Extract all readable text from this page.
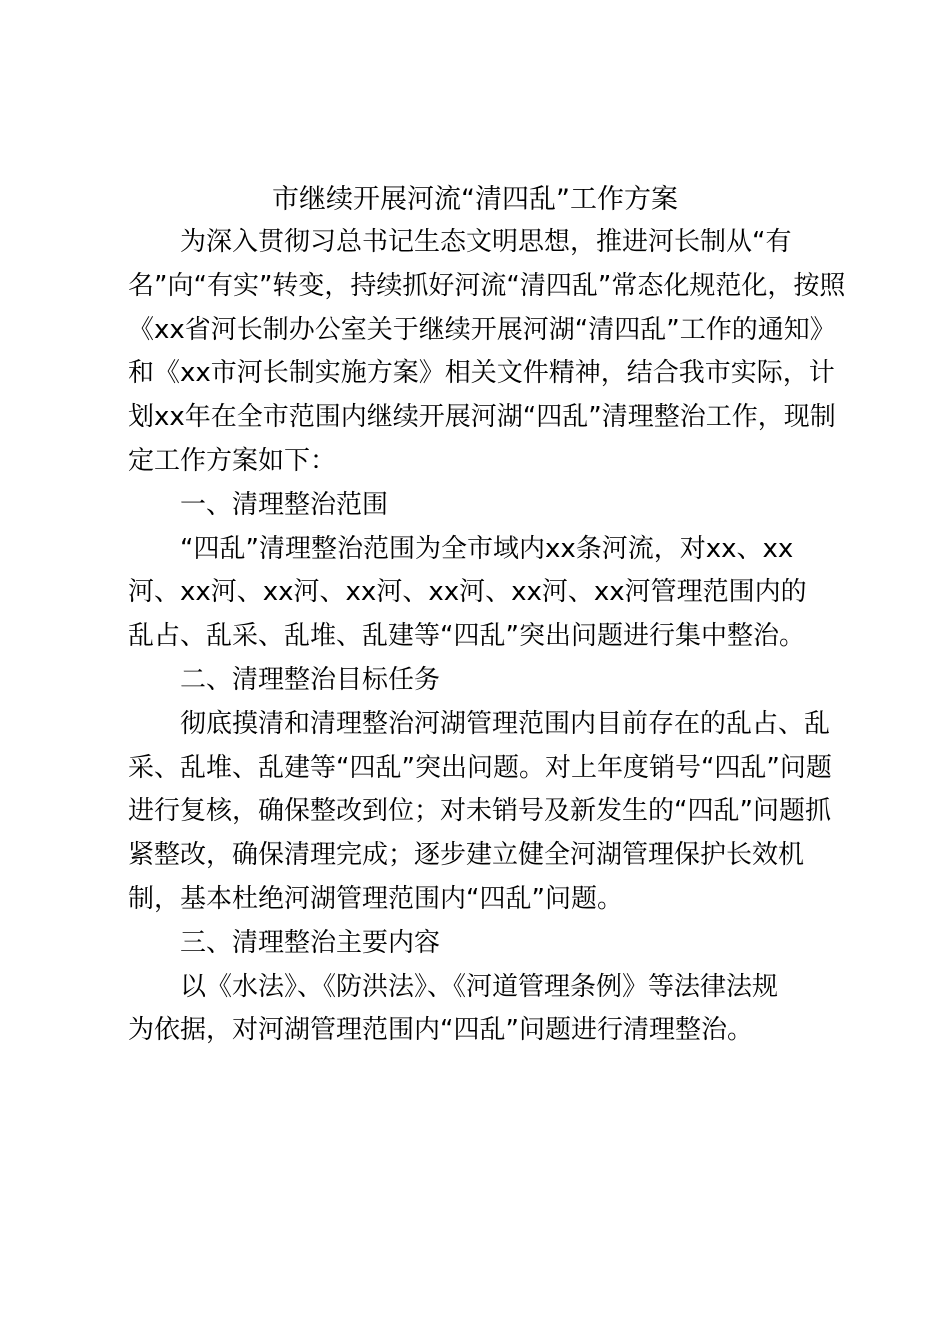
市继续开展河流“清四乱”工作方案
为深入贯彻习总书记生态文明思想，推进河长制从“有
名”向“有实”转变，持续抓好河流“清四乱”常态化规范化，按照
《xx省河长制办公室关于继续开展河湖“清四乱”工作的通知》
和《xx市河长制实施方案》相关文件精神，结合我市实际，计
划xx年在全市范围内继续开展河湖“四乱”清理整治工作，现制
定工作方案如下：
一、清理整治范围
“四乱”清理整治范围为全市域内xx条河流，对xx、xx
河、xx河、xx河、xx河、xx河、xx河、xx河管理范围内的
乱占、乱采、乱堆、乱建等“四乱”突出问题进行集中整治。
二、清理整治目标任务
彻底摸清和清理整治河湖管理范围内目前存在的乱占、乱
采、乱堆、乱建等“四乱”突出问题。对上年度销号“四乱”问题
进行复核，确保整改到位；对未销号及新发生的“四乱”问题抓
紧整改，确保清理完成；逐步建立健全河湖管理保护长效机
制，基本杜绝河湖管理范围内“四乱”问题。
三、清理整治主要内容
以《水法》、《防洪法》、《河道管理条例》等法律法规
为依据，对河湖管理范围内“四乱”问题进行清理整治。
